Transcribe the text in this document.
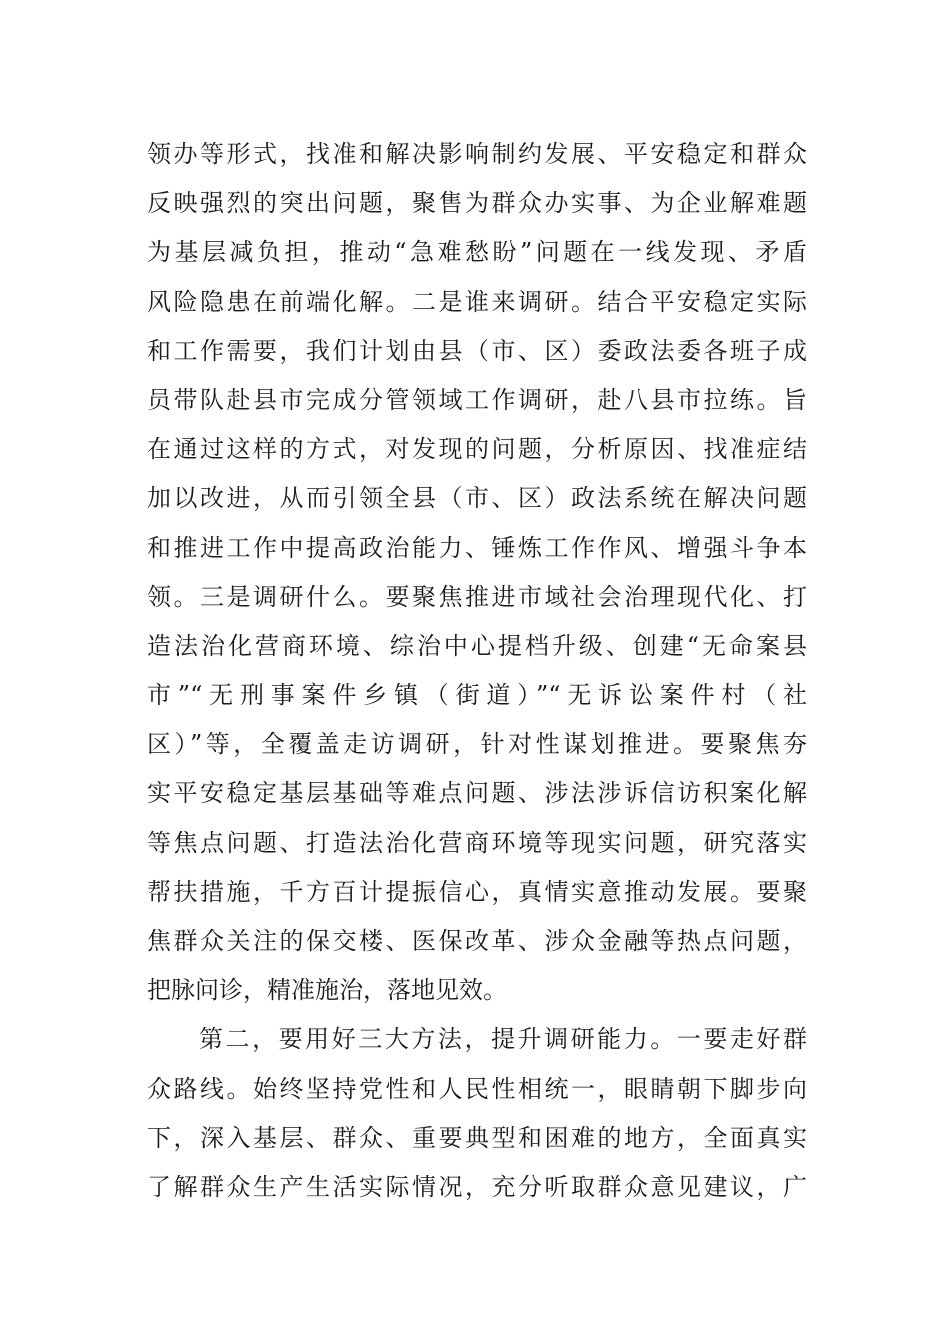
领办等形式，找准和解决影响制约发展、平安稳定和群众
反映强烈的突出问题，聚售为群众办实事、为企业解难题
为基层减负担，推动“急难愁盼”问题在一线发现、矛盾
风险隐患在前端化解。二是谁来调研。结合平安稳定实际
和工作需要，我们计划由县（市、区）委政法委各班子成
员带队赴县市完成分管领域工作调研，赴八县市拉练。旨
在通过这样的方式，对发现的问题，分析原因、找准症结
加以改进，从而引领全县（市、区）政法系统在解决问题
和推进工作中提高政治能力、锤炼工作作风、增强斗争本
领。三是调研什么。要聚焦推进市域社会治理现代化、打
造法治化营商环境、综治中心提档升级、创建“无命案县
市”“无刑事案件乡镇（街道）”“无诉讼案件村（社
区）”等，全覆盖走访调研，针对性谋划推进。要聚焦夯
实平安稳定基层基础等难点问题、涉法涉诉信访积案化解
等焦点问题、打造法治化营商环境等现实问题，研究落实
帮扶措施，千方百计提振信心，真情实意推动发展。要聚
焦群众关注的保交楼、医保改革、涉众金融等热点问题，
把脉问诊，精准施治，落地见效。
第二，要用好三大方法，提升调研能力。一要走好群
众路线。始终坚持党性和人民性相统一，眼睛朝下脚步向
下，深入基层、群众、重要典型和困难的地方，全面真实
了解群众生产生活实际情况，充分听取群众意见建议，广
